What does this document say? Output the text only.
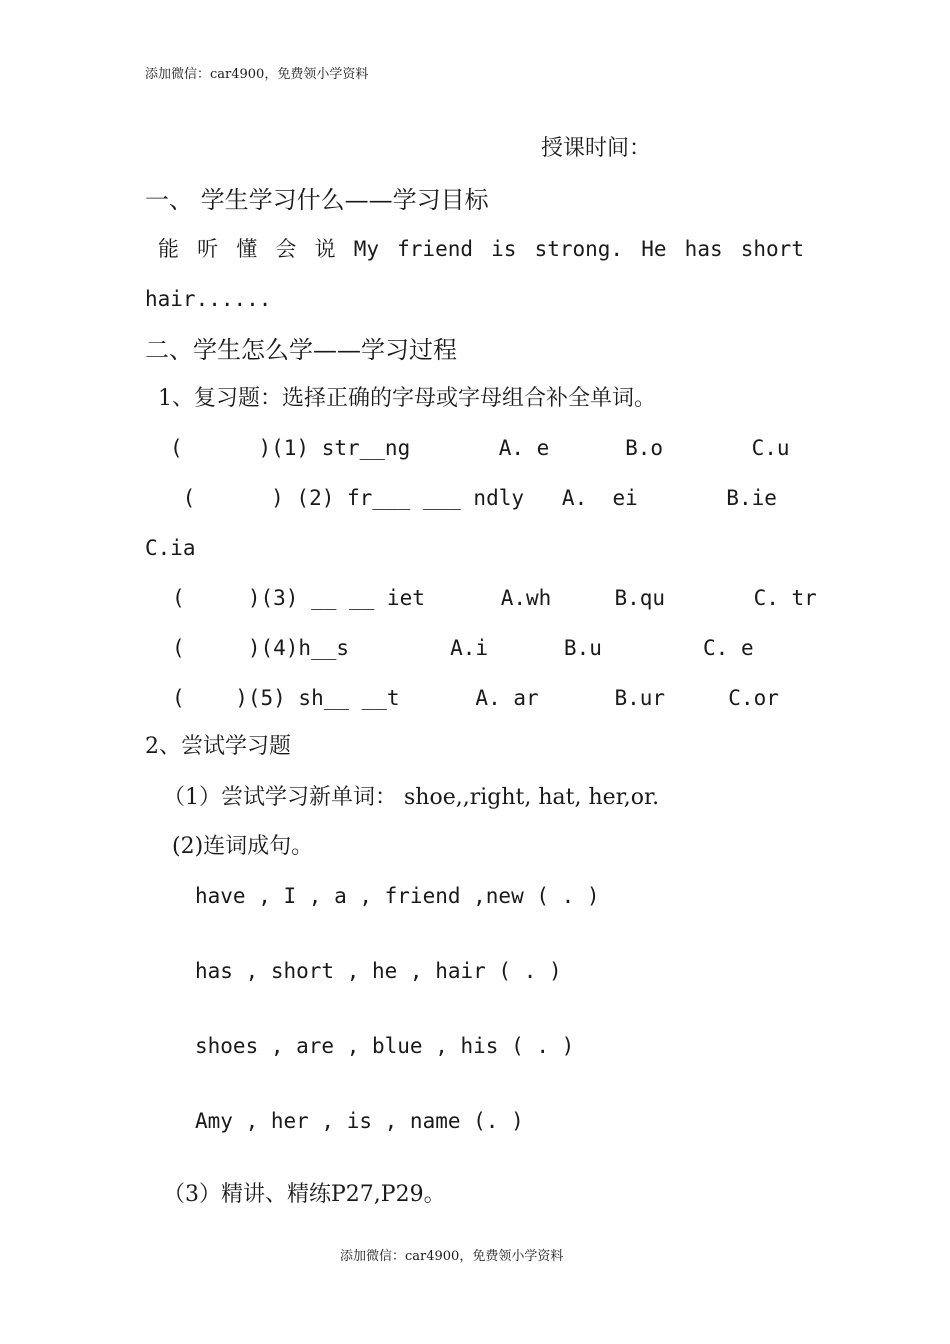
添加微信：car4900，免费领小学资料
授课时间：
一、 学生学习什么——学习目标
能 听 懂 会 说 My friend is strong. He has short
hair......
二、学生怎么学——学习过程
1、复习题：选择正确的字母或字母组合补全单词。
(      )(1) str__ng       A. e      B.o       C.u
(      ) (2) fr___ ___ ndly   A.  ei       B.ie
C.ia
(     )(3) __ __ iet      A.wh     B.qu       C. tr
(     )(4)h__s        A.i      B.u        C. e
(    )(5) sh__ __t      A. ar      B.ur     C.or
2、尝试学习题
（1）尝试学习新单词： shoe,,right, hat, her,or.
(2)连词成句。
have , I , a , friend ,new ( . )
has , short , he , hair ( . )
shoes , are , blue , his ( . )
Amy , her , is , name (. )
（3）精讲、精练P27,P29。
添加微信：car4900，免费领小学资料
